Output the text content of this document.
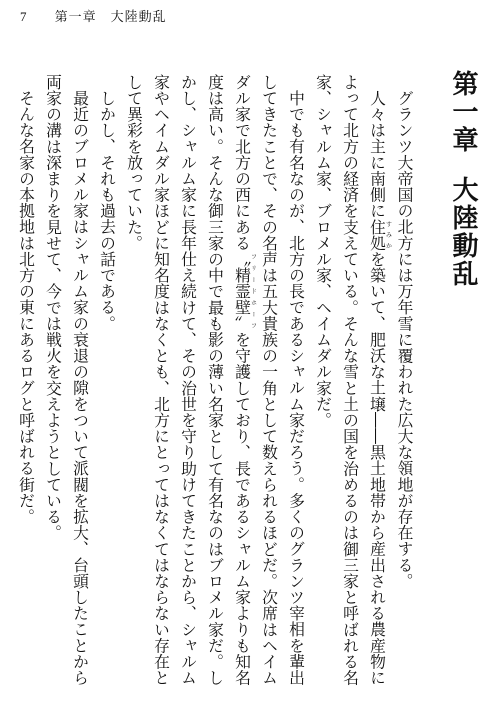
7 第一章　大陸動乱
第一章大陸動乱

グランツ大帝国の北方には万年雪に覆われた広大な領地が存在する。

人々は主に南側に住処すみかを築いて、肥沃な土壌――黒土地帯から産出される農産物によって北方の経済を支えている。そんな雪と土の国を治めるのは御三家と呼ばれる名家、シャルム家、ブロメル家、ヘイムダル家だ。

中でも有名なのが、北方の長であるシャルム家だろう。多くのグランツ宰相を輩出してきたことで、その名声は五大貴族の一角として数えられるほどだ。次席はヘイムダル家で北方の西にある〝精霊壁〟フリードホーフを守護しており、長であるシャルム家よりも知名度は高い。そんな御三家の中で最も影の薄い名家として有名なのはブロメル家だ。しかし、シャルム家に長年仕え続けて、その治世を守り助けてきたことから、シャルム家やヘイムダル家ほどに知名度はなくとも、北方にとってはなくてはならない存在として異彩を放っていた。

しかし、それも過去の話である。

最近のブロメル家はシャルム家の衰退の隙をついて派閥を拡大、台頭したことから両家の溝は深まりを見せて、今では戦火を交えようとしている。

そんな名家の本拠地は北方の東にあるログと呼ばれる街だ。
